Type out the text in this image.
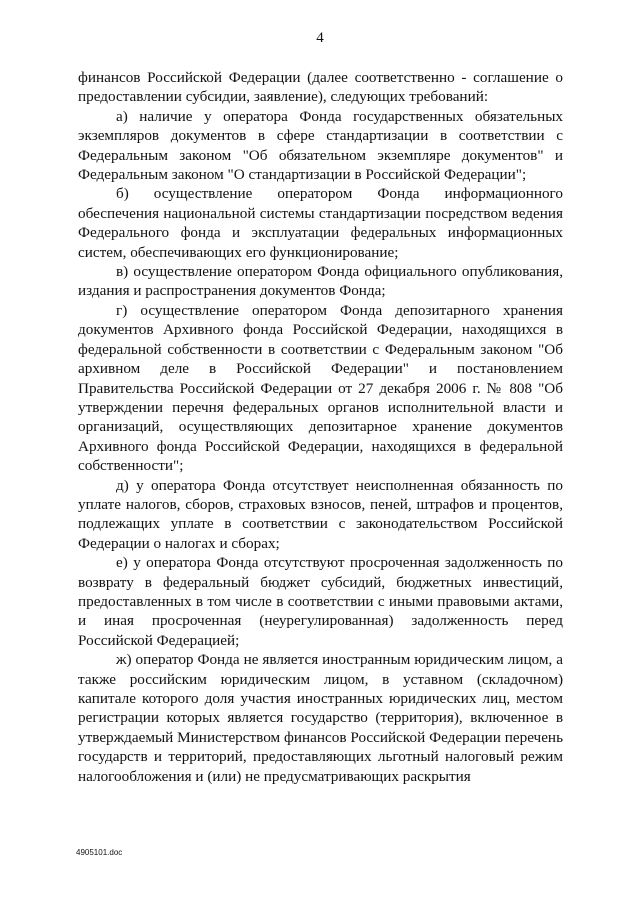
4

финансов Российской Федерации (далее соответственно - соглашение о предоставлении субсидии, заявление), следующих требований:

а) наличие у оператора Фонда государственных обязательных экземпляров документов в сфере стандартизации в соответствии с Федеральным законом "Об обязательном экземпляре документов" и Федеральным законом "О стандартизации в Российской Федерации";

б) осуществление оператором Фонда информационного обеспечения национальной системы стандартизации посредством ведения Федерального фонда и эксплуатации федеральных информационных систем, обеспечивающих его функционирование;

в) осуществление оператором Фонда официального опубликования, издания и распространения документов Фонда;

г) осуществление оператором Фонда депозитарного хранения документов Архивного фонда Российской Федерации, находящихся в федеральной собственности в соответствии с Федеральным законом "Об архивном деле в Российской Федерации" и постановлением Правительства Российской Федерации от 27 декабря 2006 г. № 808 "Об утверждении перечня федеральных органов исполнительной власти и организаций, осуществляющих депозитарное хранение документов Архивного фонда Российской Федерации, находящихся в федеральной собственности";

д) у оператора Фонда отсутствует неисполненная обязанность по уплате налогов, сборов, страховых взносов, пеней, штрафов и процентов, подлежащих уплате в соответствии с законодательством Российской Федерации о налогах и сборах;

е) у оператора Фонда отсутствуют просроченная задолженность по возврату в федеральный бюджет субсидий, бюджетных инвестиций, предоставленных в том числе в соответствии с иными правовыми актами, и иная просроченная (неурегулированная) задолженность перед Российской Федерацией;

ж) оператор Фонда не является иностранным юридическим лицом, а также российским юридическим лицом, в уставном (складочном) капитале которого доля участия иностранных юридических лиц, местом регистрации которых является государство (территория), включенное в утверждаемый Министерством финансов Российской Федерации перечень государств и территорий, предоставляющих льготный налоговый режим налогообложения и (или) не предусматривающих раскрытия

4905101.doc
